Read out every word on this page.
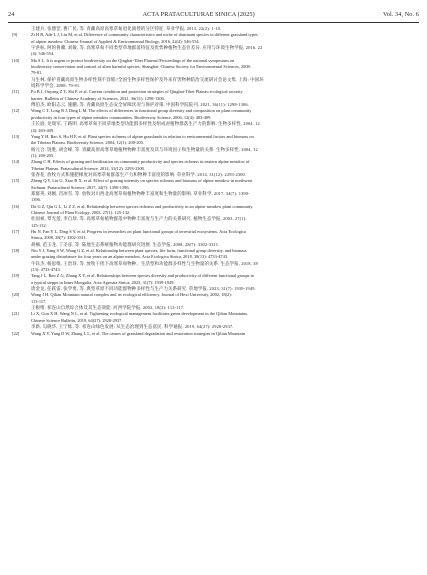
24	ACTA PRATACULTURAE SINICA (2025)	Vol. 34, No. 6

王建兵, 张德罡, 曹广民, 等. 青藏高原高寒草甸退化演替的分区特征. 草业学报, 2013, 22(2): 1-10.

[9]	Zi H B, Ade L J, Liu M, et al. Difference of community characteristics and niche of dominant species in different grassland types

of alpine meadow. Chinese Journal of Applied & Environmental Biology, 2016, 22(4): 546-554.

字洪标, 阿的鲁骥, 刘敏, 等. 高寒草甸不同类型草地群落特征及优势种植物生态位差异. 应用与环境生物学报, 2016, 22

(4): 546-554.

[10]	Ma S L. It is urgent to protect biodiversity on the Qinghai-Tibet Plateau//Proceedings of the national symposium on

biodiversity conservation and control of alien harmful species. Shanghai: Chinese Society for Environmental Sciences, 2008:

79-81.

马生林. 保护青藏高原生物多样性刻不容缓//全国生物多样性保护及外来有害物种防治交流研讨会论文集. 上海: 中国环

境科学学会, 2008: 79-81.

[11]	Fu B J, Ouyang Z Y, Shi P, et al. Current condition and protection strategies of Qinghai-Tibet Plateau ecological security

barrier. Bulletin of Chinese Academy of Sciences, 2021, 36(11): 1298-1306.

傅伯杰, 欧阳志云, 施鹏, 等. 青藏高原生态安全屏障状况与保护对策. 中国科学院院刊, 2021, 36(11): 1298-1306.

[12]	Wang C T, Long R J, Ding L M. The effects of differences in functional group diversity and composition on plant community

productivity in four types of alpine meadow communities. Biodiversity Science, 2004, 12(4): 403-409.

王长庭, 龙瑞军, 丁路明. 高寒草甸不同草地类型功能群多样性及组成对植物群落生产力的影响. 生物多样性, 2004, 12

(4): 403-409.

[13]	Yang Y H, Rao S, Hu H F, et al. Plant species richness of alpine grasslands in relation to environmental factors and biomass on

the Tibetan Plateau. Biodiversity Science, 2004, 12(1): 200-205.

杨元合, 饶胜, 胡会峰, 等. 青藏高原高寒草地植物物种丰富度及其与环境因子和生物量的关系. 生物多样性, 2004, 12

(1): 200-205.

[14]	Zhang C H. Effects of grazing and fertilization on community productivity and species richness in eastern alpine meadow of

Tibetan Plateau. Pratacultural Science, 2014, 31(12): 2293-2300.

张春花. 放牧方式和施肥梯度对高寒草甸群落生产力和物种丰富度的影响. 草业科学, 2014, 31(12): 2293-2300.

[15]	Zheng Q Y, Liu G, Xiao B X, et al. Effect of grazing intensity on species richness and biomass of alpine meadow in northwest

Sichuan. Pratacultural Science, 2017, 34(7): 1390-1396.

郑群英, 刘刚, 肖冰雪, 等. 放牧对川西北高寒草甸植物物种丰富度和生物量的影响. 草业科学, 2017, 34(7): 1390-

1396.

[16]	Du G Z, Qin G L, Li Z Z, et al. Relationship between species richness and productivity in an alpine meadow plant community.

Chinese Journal of Plant Ecology, 2003, 27(1): 125-132.

杜国祯, 覃光莲, 李自珍, 等. 高寒草甸植物群落中物种丰富度与生产力的关系研究. 植物生态学报, 2003, 27(1):

125-132.

[17]	Hu N, Fan Y L, Ding S Y, et al. Progress in researches on plant functional groups of terrestrial ecosystems. Acta Ecologica

Sinica, 2008, 28(7): 3302-3311.

胡楠, 范玉龙, 丁圣彦, 等. 陆地生态系统植物功能群研究进展. 生态学报, 2008, 28(7): 3302-3311.

[18]	Niu Y J, Yang S W, Wang G Z, et al. Relationship between plant species, life form, functional group diversity, and biomass

under grazing disturbance for four years on an alpine meadow. Acta Ecologica Sinica, 2018, 38(13): 4733-4743.

牛钰杰, 杨思维, 王贵珍, 等. 放牧干扰下高寒草甸物种、生活型和功能群多样性与生物量的关系. 生态学报, 2018, 38

(13): 4733-4743.

[19]	Tang J L, Ren Z G, Zhang X Y, et al. Relationships between species diversity and productivity of different functional groups in

a typical steppe in Inner Mongolia. Acta Agrestia Sinica, 2023, 31(7): 1939-1949.

唐金龙, 任跃雷, 张学勇, 等. 典型草原不同功能群物种多样性与生产力关系研究. 草地学报, 2023, 31(7): 1939-1949.

[20]	Wang J H. Qilian Mountain natural complex and its ecological efficiency. Journal of Hexi University, 2002, 18(2):

113-117.

王根绪. 祁连山自然综合体及其生态效能. 河西学院学报, 2002, 18(2): 113-117.

[21]	Li X, Gou X H, Wang N L, et al. Tightening ecological management facilitates green development in the Qilian Mountains.

Chinese Science Bulletin, 2019, 64(27): 2928-2937.

李新, 勾晓华, 王宁练, 等. 祁连山绿色发展: 从生态治理到生态富民. 科学通报, 2019, 64(27): 2928-2937.

[22]	Wang X Y, Yang D W, Zhang L L, et al. The causes of grassland degradation and restoration strategies in Qilian Mountain
